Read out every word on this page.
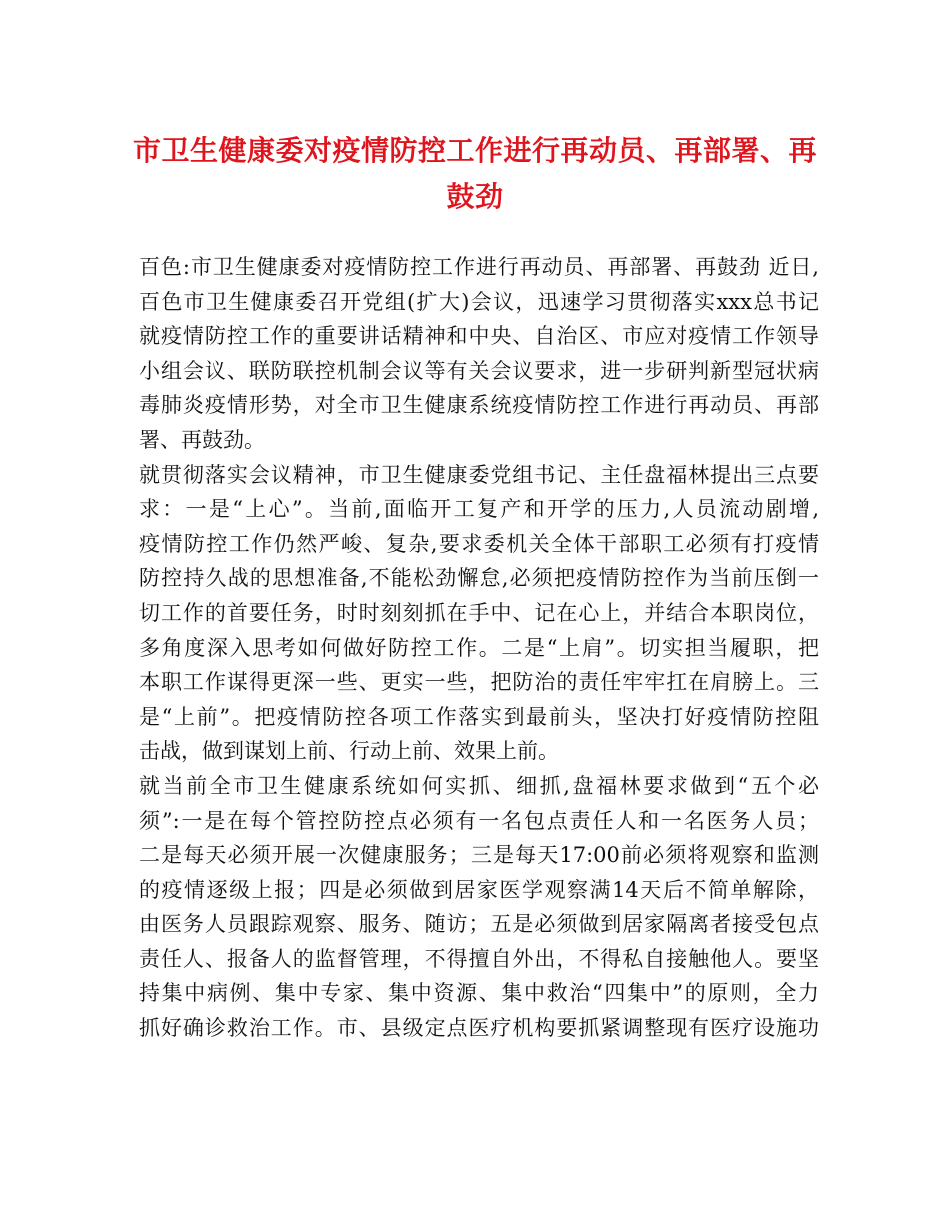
市卫生健康委对疫情防控工作进行再动员、再部署、再
鼓劲
百色:市卫生健康委对疫情防控工作进行再动员、再部署、再鼓劲 近日,
百色市卫生健康委召开党组(扩大)会议，迅速学习贯彻落实xxx总书记
就疫情防控工作的重要讲话精神和中央、自治区、市应对疫情工作领导
小组会议、联防联控机制会议等有关会议要求，进一步研判新型冠状病
毒肺炎疫情形势，对全市卫生健康系统疫情防控工作进行再动员、再部
署、再鼓劲。
就贯彻落实会议精神，市卫生健康委党组书记、主任盘福林提出三点要
求：一是“上心”。当前,面临开工复产和开学的压力,人员流动剧增,
疫情防控工作仍然严峻、复杂,要求委机关全体干部职工必须有打疫情
防控持久战的思想准备,不能松劲懈怠,必须把疫情防控作为当前压倒一
切工作的首要任务，时时刻刻抓在手中、记在心上，并结合本职岗位，
多角度深入思考如何做好防控工作。二是“上肩”。切实担当履职，把
本职工作谋得更深一些、更实一些，把防治的责任牢牢扛在肩膀上。三
是“上前”。把疫情防控各项工作落实到最前头，坚决打好疫情防控阻
击战，做到谋划上前、行动上前、效果上前。
就当前全市卫生健康系统如何实抓、细抓,盘福林要求做到“五个必
须”:一是在每个管控防控点必须有一名包点责任人和一名医务人员；
二是每天必须开展一次健康服务；三是每天17:00前必须将观察和监测
的疫情逐级上报；四是必须做到居家医学观察满14天后不简单解除，
由医务人员跟踪观察、服务、随访；五是必须做到居家隔离者接受包点
责任人、报备人的监督管理，不得擅自外出，不得私自接触他人。要坚
持集中病例、集中专家、集中资源、集中救治“四集中”的原则，全力
抓好确诊救治工作。市、县级定点医疗机构要抓紧调整现有医疗设施功
